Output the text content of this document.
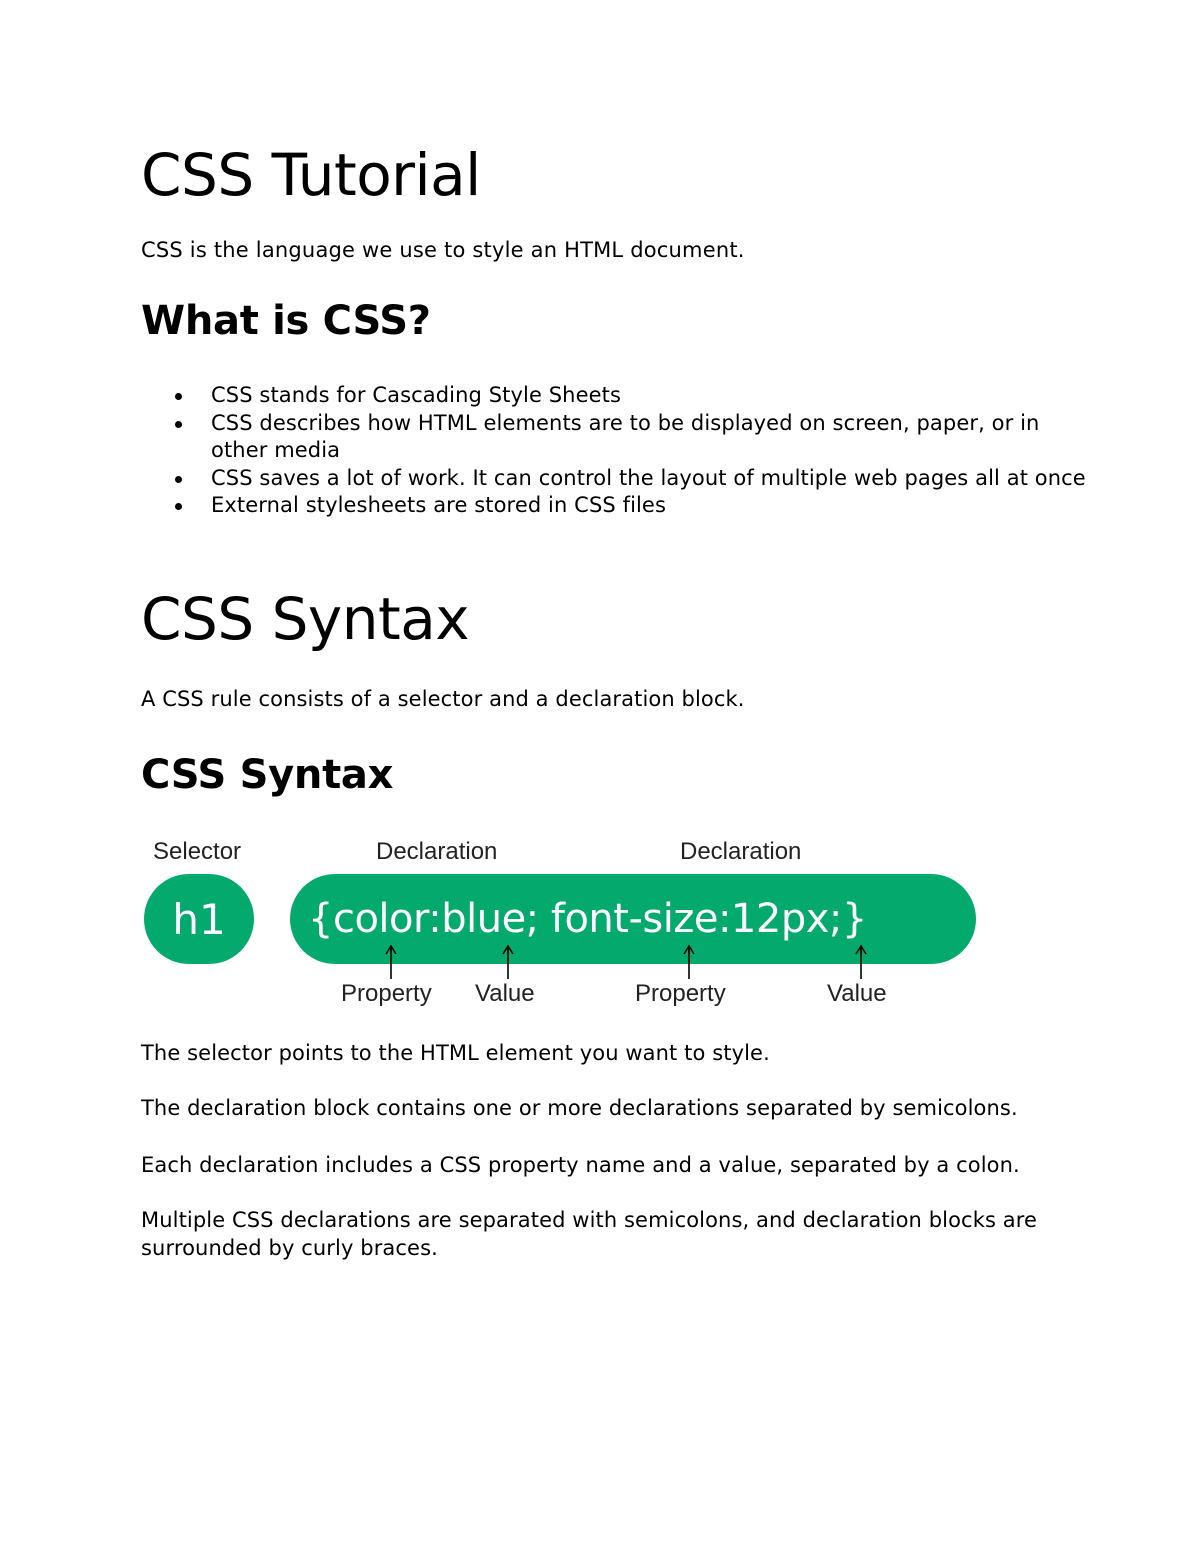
CSS Tutorial

CSS is the language we use to style an HTML document.

What is CSS?
CSS stands for Cascading Style Sheets
CSS describes how HTML elements are to be displayed on screen, paper, or in other media
CSS saves a lot of work. It can control the layout of multiple web pages all at once
External stylesheets are stored in CSS files
CSS Syntax

A CSS rule consists of a selector and a declaration block.

CSS Syntax
Selector	Declaration	Declaration
h1 {color:blue; font-size:12px;}
Property Value	Property	Value

The selector points to the HTML element you want to style.

The declaration block contains one or more declarations separated by semicolons.

Each declaration includes a CSS property name and a value, separated by a colon.

Multiple CSS declarations are separated with semicolons, and declaration blocks are surrounded by curly braces.
